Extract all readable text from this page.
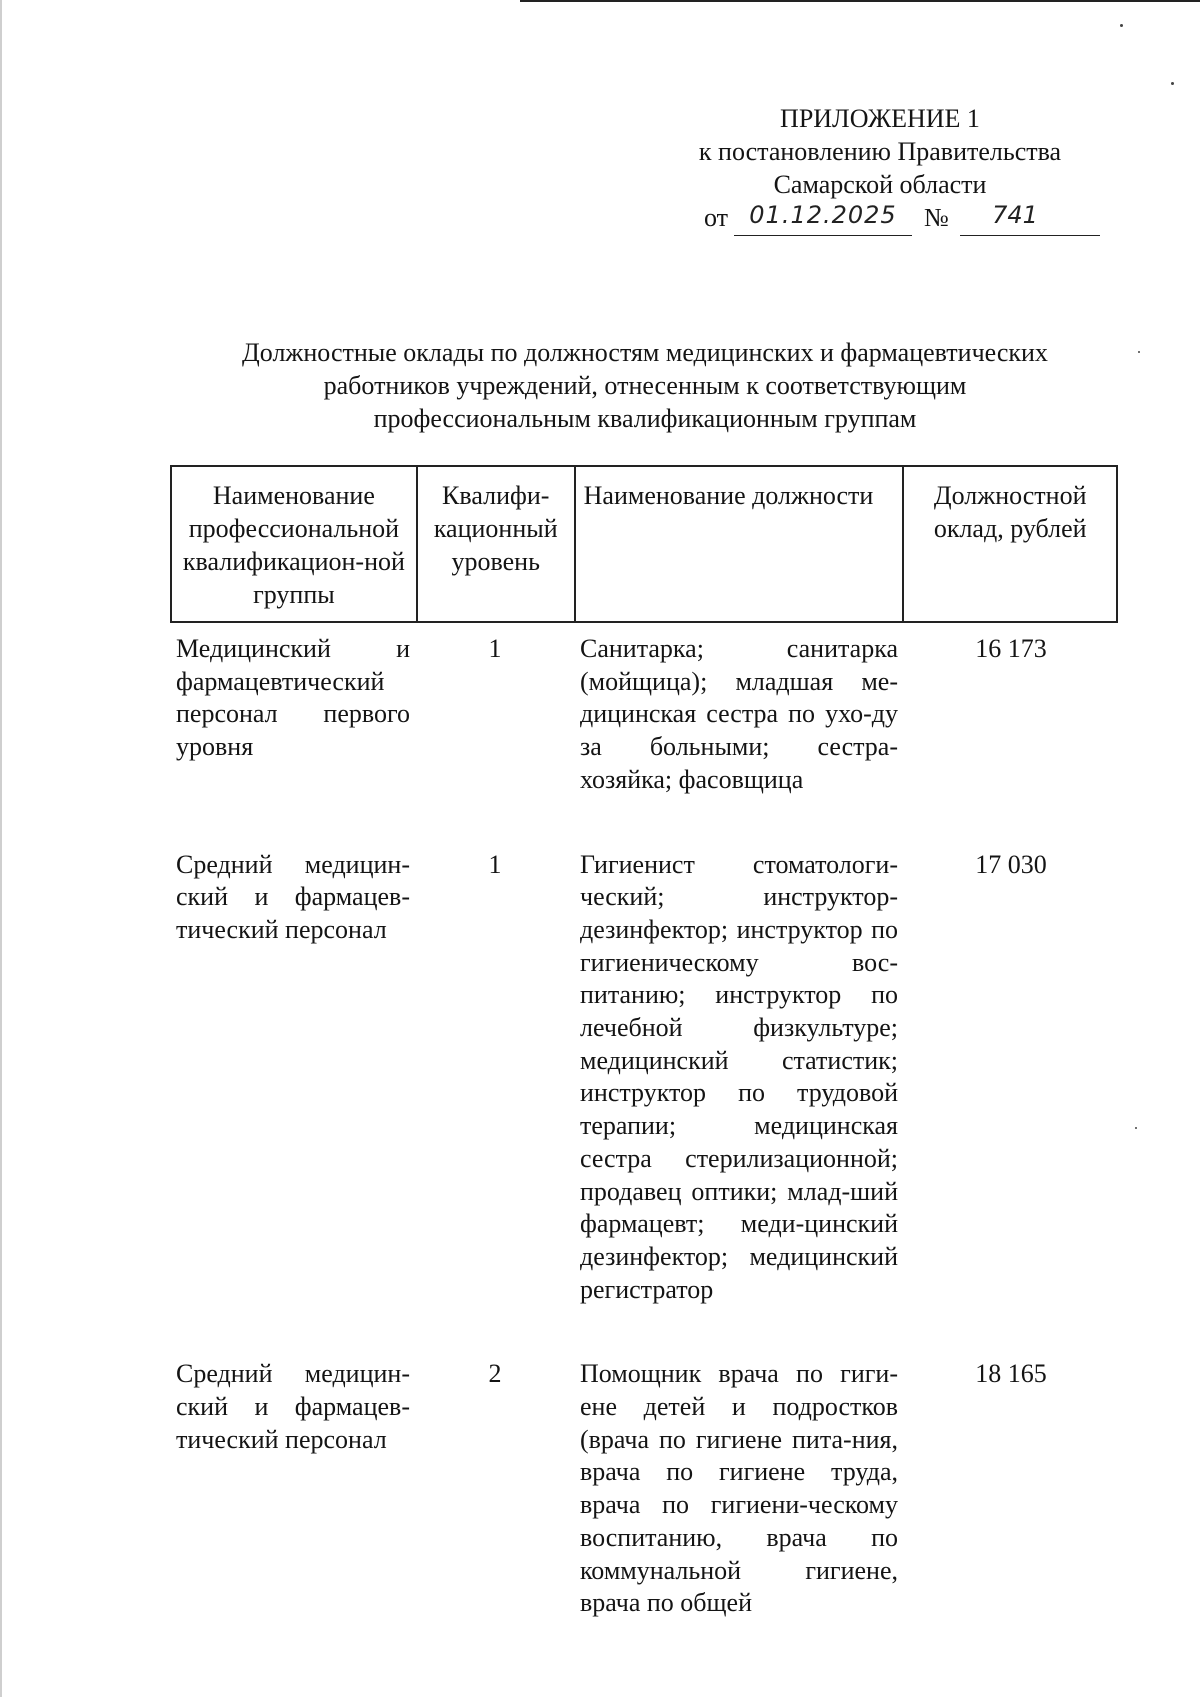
ПРИЛОЖЕНИЕ 1
к постановлению Правительства
Самарской области
от 01.12.2025	№	741
Должностные оклады по должностям медицинских и фармацевтических
работников учреждений, отнесенным к соответствующим
профессиональным квалификационным группам
Наименование профессиональной квалификацион-ной группы	Квалифи-кационный уровень	Наименование должности	Должностной оклад, рублей
Медицинский и фармацевтический персонал первого уровня	1	Санитарка; санитарка (мойщица); младшая ме-дицинская сестра по ухо-ду за больными; сестра-хозяйка; фасовщица	16 173
Средний медицин-ский и фармацев-тический персонал	1	Гигиенист стоматологи-ческий; инструктор-дезинфектор; инструктор по гигиеническому вос-питанию; инструктор по лечебной физкультуре; медицинский статистик; инструктор по трудовой терапии; медицинская сестра стерилизационной; продавец оптики; млад-ший фармацевт; меди-цинский дезинфектор; медицинский регистратор	17 030
Средний медицин-ский и фармацев-тический персонал	2	Помощник врача по гиги-ене детей и подростков (врача по гигиене пита-ния, врача по гигиене труда, врача по гигиени-ческому воспитанию, врача по коммунальной гигиене, врача по общей	18 165
